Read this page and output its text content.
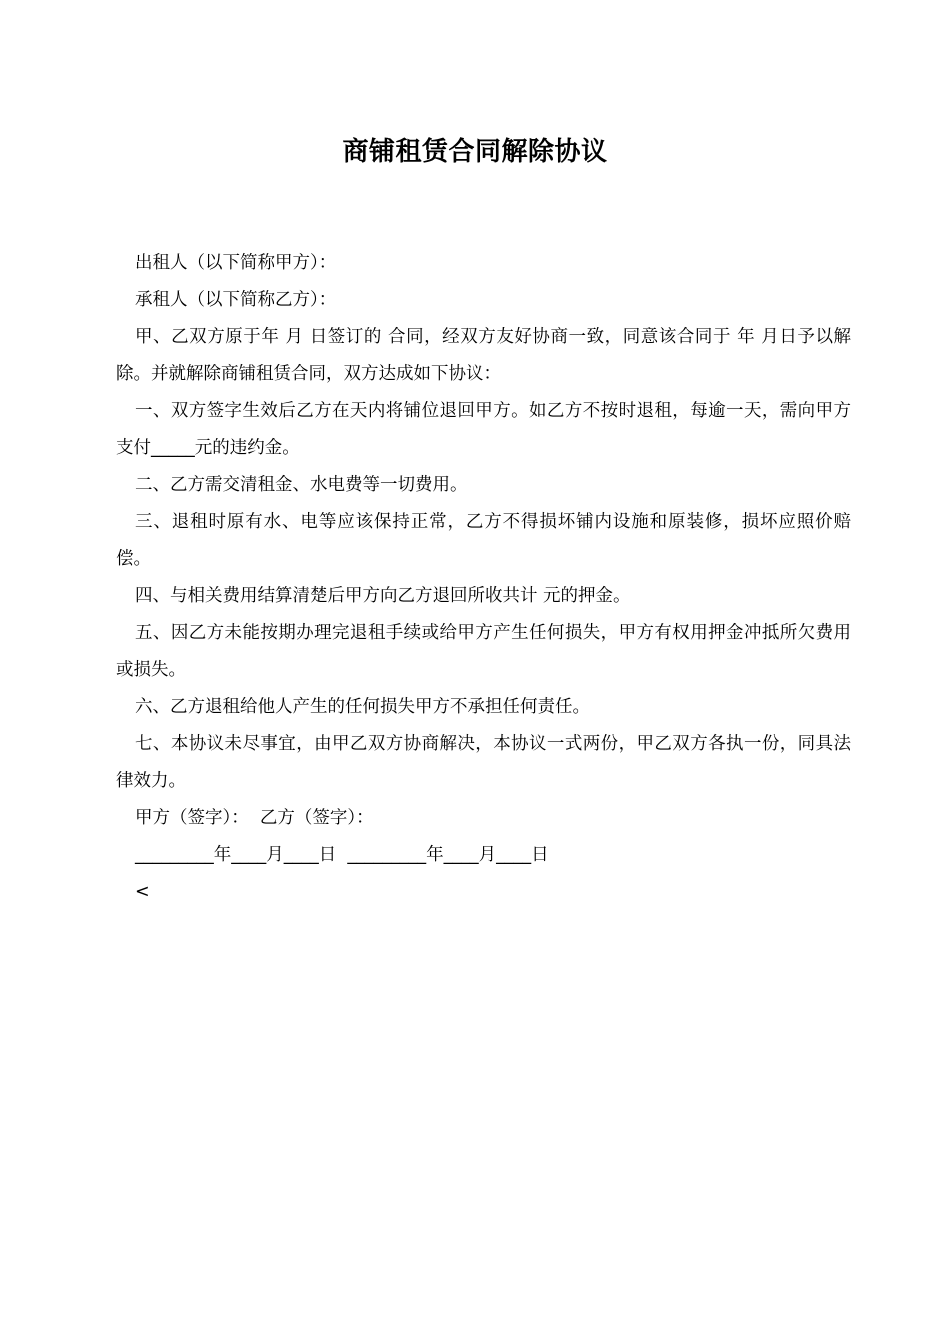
商铺租赁合同解除协议

出租人（以下简称甲方）：

承租人（以下简称乙方）：

甲、乙双方原于年 月 日签订的 合同，经双方友好协商一致，同意该合同于 年 月日予以解除。并就解除商铺租赁合同，双方达成如下协议：

一、双方签字生效后乙方在天内将铺位退回甲方。如乙方不按时退租，每逾一天，需向甲方支付_____元的违约金。

二、乙方需交清租金、水电费等一切费用。

三、退租时原有水、电等应该保持正常，乙方不得损坏铺内设施和原装修，损坏应照价赔偿。

四、与相关费用结算清楚后甲方向乙方退回所收共计 元的押金。

五、因乙方未能按期办理完退租手续或给甲方产生任何损失，甲方有权用押金冲抵所欠费用或损失。

六、乙方退租给他人产生的任何损失甲方不承担任何责任。

七、本协议未尽事宜，由甲乙双方协商解决，本协议一式两份，甲乙双方各执一份，同具法律效力。

甲方（签字）：  乙方（签字）：
_________年____月____日  _________年____月____日
<
